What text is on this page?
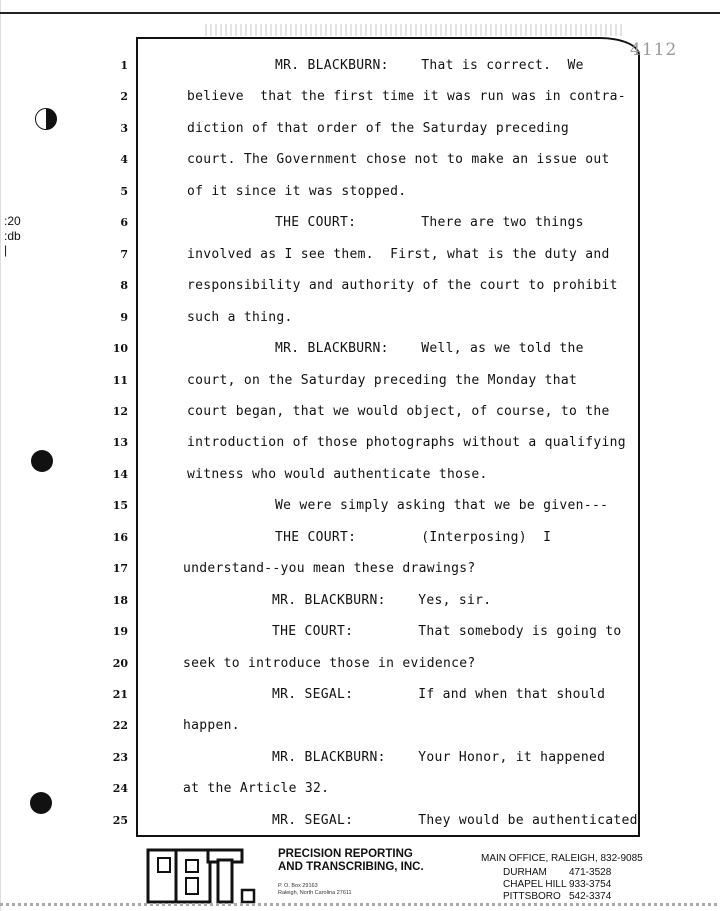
4112
:20
:db
|
1	MR. BLACKBURN:    That is correct.  We
2	believe  that the first time it was run was in contra-
3	diction of that order of the Saturday preceding
4	court. The Government chose not to make an issue out
5	of it since it was stopped.
6	THE COURT:        There are two things
7	involved as I see them.  First, what is the duty and
8	responsibility and authority of the court to prohibit
9	such a thing.
10	MR. BLACKBURN:    Well, as we told the
11	court, on the Saturday preceding the Monday that
12	court began, that we would object, of course, to the
13	introduction of those photographs without a qualifying
14	witness who would authenticate those.
15	We were simply asking that we be given---
16	THE COURT:        (Interposing)  I
17	understand--you mean these drawings?
18	MR. BLACKBURN:    Yes, sir.
19	THE COURT:        That somebody is going to
20	seek to introduce those in evidence?
21	MR. SEGAL:        If and when that should
22	happen.
23	MR. BLACKBURN:    Your Honor, it happened
24	at the Article 32.
25	MR. SEGAL:        They would be authenticated
PRECISION REPORTING
AND TRANSCRIBING, INC.
P. O. Box 29163
Raleigh, North Carolina 27611
MAIN OFFICE, RALEIGH, 832-9085
DURHAM 471-3528
CHAPEL HILL 933-3754
PITTSBORO 542-3374
